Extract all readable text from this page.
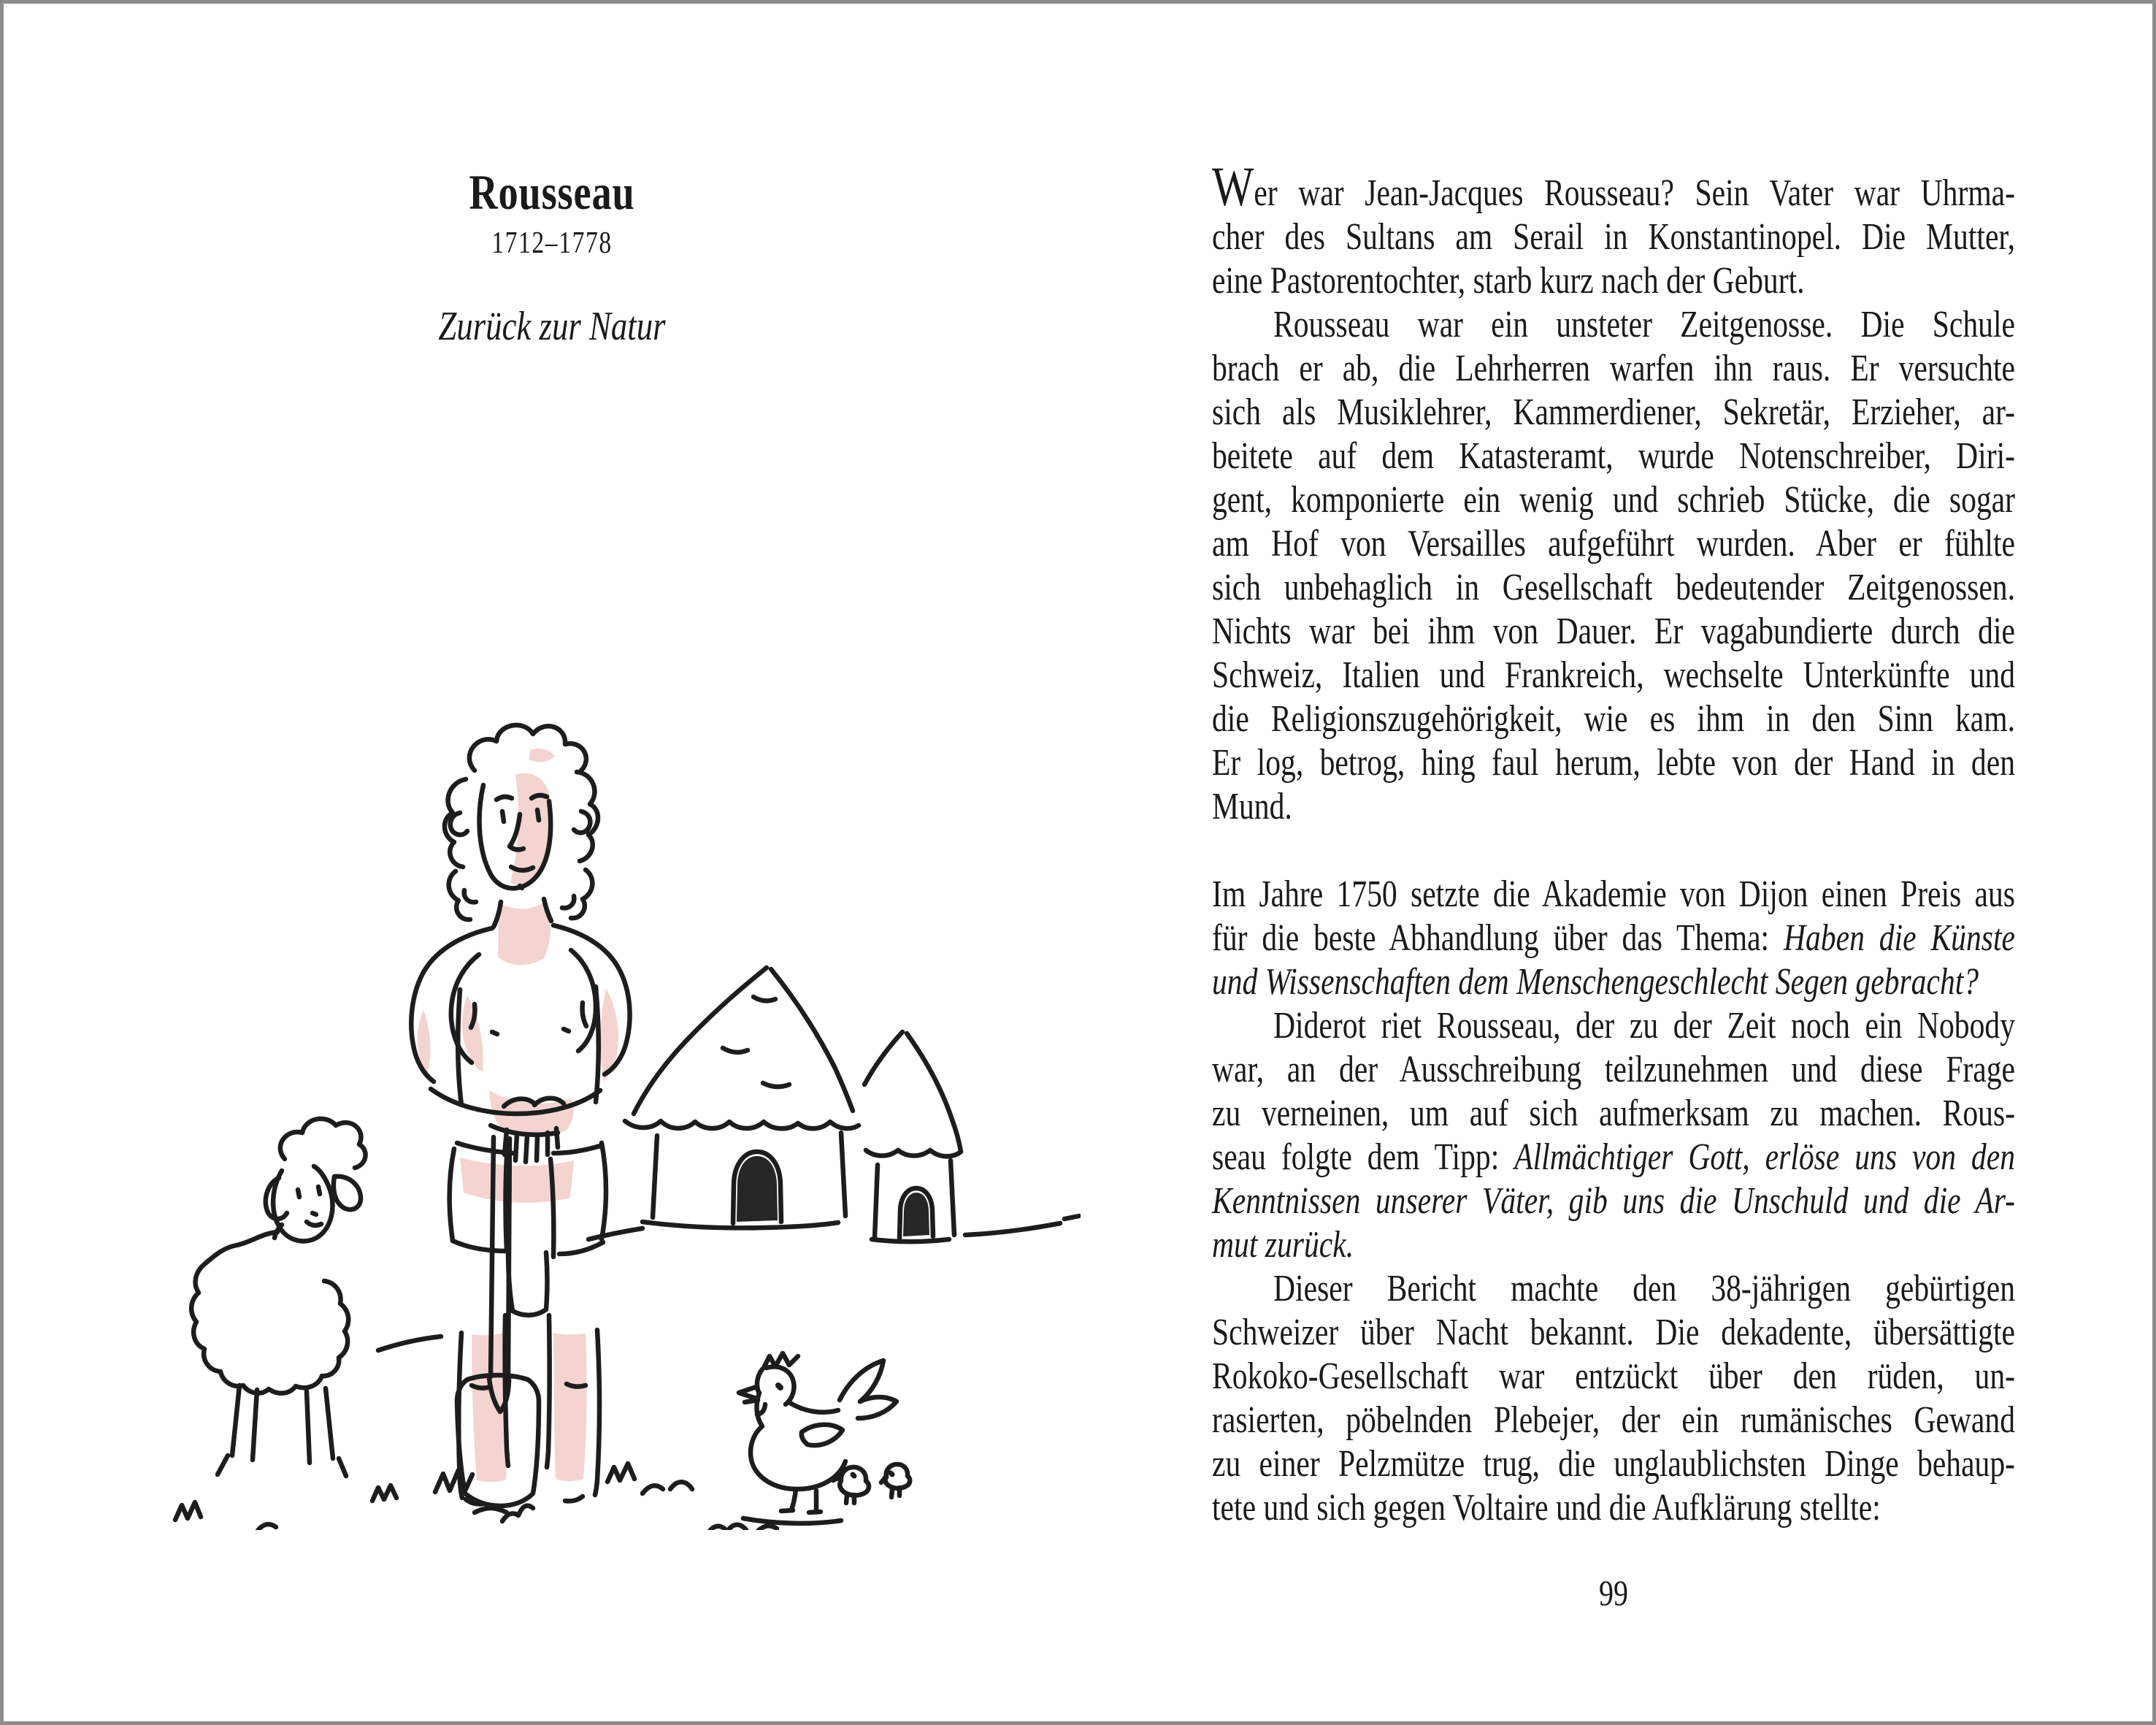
Rousseau
1712–1778
Zurück zur Natur
Wer war Jean-Jacques Rousseau? Sein Vater war Uhrma-
cher des Sultans am Serail in Konstantinopel. Die Mutter,
eine Pastorentochter, starb kurz nach der Geburt.
Rousseau war ein unsteter Zeitgenosse. Die Schule
brach er ab, die Lehrherren warfen ihn raus. Er versuchte
sich als Musiklehrer, Kammerdiener, Sekretär, Erzieher, ar-
beitete auf dem Katasteramt, wurde Notenschreiber, Diri-
gent, komponierte ein wenig und schrieb Stücke, die sogar
am Hof von Versailles aufgeführt wurden. Aber er fühlte
sich unbehaglich in Gesellschaft bedeutender Zeitgenossen.
Nichts war bei ihm von Dauer. Er vagabundierte durch die
Schweiz, Italien und Frankreich, wechselte Unterkünfte und
die Religionszugehörigkeit, wie es ihm in den Sinn kam.
Er log, betrog, hing faul herum, lebte von der Hand in den
Mund.
Im Jahre 1750 setzte die Akademie von Dijon einen Preis aus
für die beste Abhandlung über das Thema: Haben die Künste
und Wissenschaften dem Menschengeschlecht Segen gebracht?
Diderot riet Rousseau, der zu der Zeit noch ein Nobody
war, an der Ausschreibung teilzunehmen und diese Frage
zu verneinen, um auf sich aufmerksam zu machen. Rous-
seau folgte dem Tipp: Allmächtiger Gott, erlöse uns von den
Kenntnissen unserer Väter, gib uns die Unschuld und die Ar-
mut zurück.
Dieser Bericht machte den 38-jährigen gebürtigen
Schweizer über Nacht bekannt. Die dekadente, übersättigte
Rokoko-Gesellschaft war entzückt über den rüden, un-
rasierten, pöbelnden Plebejer, der ein rumänisches Gewand
zu einer Pelzmütze trug, die unglaublichsten Dinge behaup-
tete und sich gegen Voltaire und die Aufklärung stellte:
99
